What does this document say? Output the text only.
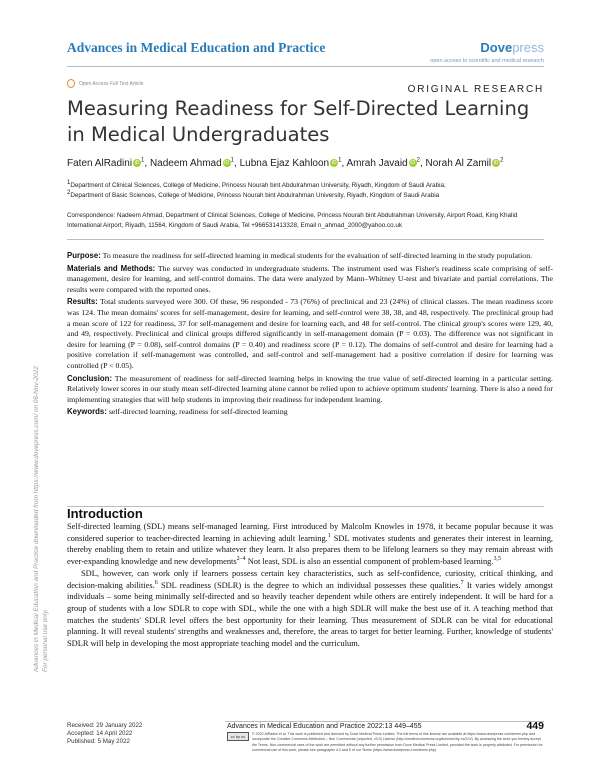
Advances in Medical Education and Practice	Dovepress
open access to scientific and medical research
Open Access Full Text Article
ORIGINAL RESEARCH
Measuring Readiness for Self-Directed Learning in Medical Undergraduates
Faten AlRadini iD $^1$, Nadeem Ahmad iD $^1$, Lubna Ejaz Kahloon iD $^1$, Amrah Javaid iD $^2$, Norah Al Zamil iD $^2$
$^1$Department of Clinical Sciences, College of Medicine, Princess Nourah bint Abdulrahman University, Riyadh, Kingdom of Saudi Arabia;
$^2$Department of Basic Sciences, College of Medicine, Princess Nourah bint Abdulrahman University, Riyadh, Kingdom of Saudi Arabia
Correspondence: Nadeem Ahmad, Department of Clinical Sciences, College of Medicine, Princess Nourah bint Abdulrahman University, Airport Road, King Khalid International Airport, Riyadh, 11564, Kingdom of Saudi Arabia, Tel +966531413328, Email n_ahmad_2000@yahoo.co.uk

Purpose: To measure the readiness for self-directed learning in medical students for the evaluation of self-directed learning in the study population.

Materials and Methods: The survey was conducted in undergraduate students. The instrument used was Fisher's readiness scale comprising of self-management, desire for learning, and self-control domains. The data were analyzed by Mann–Whitney U-test and bivariate and partial correlations. The results were compared with the reported ones.

Results: Total students surveyed were 300. Of these, 96 responded - 73 (76%) of preclinical and 23 (24%) of clinical classes. The mean readiness score was 124. The mean domains' scores for self-management, desire for learning, and self-control were 38, 38, and 48, respectively. The preclinical group had a mean score of 122 for readiness, 37 for self-management and desire for learning each, and 48 for self-control. The clinical group's scores were 129, 40, and 49, respectively. Preclinical and clinical groups differed significantly in self-management domain (P = 0.03). The difference was not significant in desire for learning (P = 0.08), self-control domains (P = 0.40) and readiness score (P = 0.12). The domains of self-control and desire for learning had a positive correlation if self-management was controlled, and self-control and self-management had a positive correlation if desire for learning was controlled (P < 0.05).

Conclusion: The measurement of readiness for self-directed learning helps in knowing the true value of self-directed learning in a particular setting. Relatively lower scores in our study mean self-directed learning alone cannot be relied upon to achieve optimum students' learning. There is also a need for implementing strategies that will help students in improving their readiness for independent learning.

Keywords: self-directed learning, readiness for self-directed learning

Introduction

Self-directed learning (SDL) means self-managed learning. First introduced by Malcolm Knowles in 1978, it became popular because it was considered superior to teacher-directed learning in achieving adult learning.$^1$ SDL motivates students and generates their interest in learning, thereby enabling them to retain and utilize whatever they learn. It also prepares them to be lifelong learners so they may remain abreast with ever-expanding knowledge and new developments$^{2-4}$ Not least, SDL is also an essential component of problem-based learning.$^{3,5}$

SDL, however, can work only if learners possess certain key characteristics, such as self-confidence, curiosity, critical thinking, and decision-making abilities.$^6$ SDL readiness (SDLR) is the degree to which an individual possesses these qualities.$^7$ It varies widely amongst individuals – some being minimally self-directed and so heavily teacher dependent while others are entirely independent. It will be hard for a group of students with a low SDLR to cope with SDL, while the one with a high SDLR will make the best use of it. A teaching method that matches the students' SDLR level offers the best opportunity for their learning. Thus measurement of SDLR can be vital for educational planning. It will reveal students' strengths and weaknesses and, therefore, the areas to target for better learning. Further, knowledge of students' SDLR will help in developing the most appropriate teaching model and the curriculum.

Advances in Medical Education and Practice downloaded from https://www.dovepress.com/ on 06-Nov-2022 For personal use only.
Received: 29 January 2022
Accepted: 14 April 2022
Published: 5 May 2022
Advances in Medical Education and Practice 2022:13 449–455	449
cc by nc	© 2022 AlRadini et al. This work is published and licensed by Dove Medical Press Limited. The full terms of this license are available at https://www.dovepress.com/terms.php and incorporate the Creative Commons Attribution – Non Commercial (unported, v3.0) License (http://creativecommons.org/licenses/by-nc/3.0/). By accessing the work you hereby accept the Terms. Non-commercial uses of the work are permitted without any further permission from Dove Medical Press Limited, provided the work is properly attributed. For permission for commercial use of this work, please see paragraphs 4.2 and 5 of our Terms (https://www.dovepress.com/terms.php).
